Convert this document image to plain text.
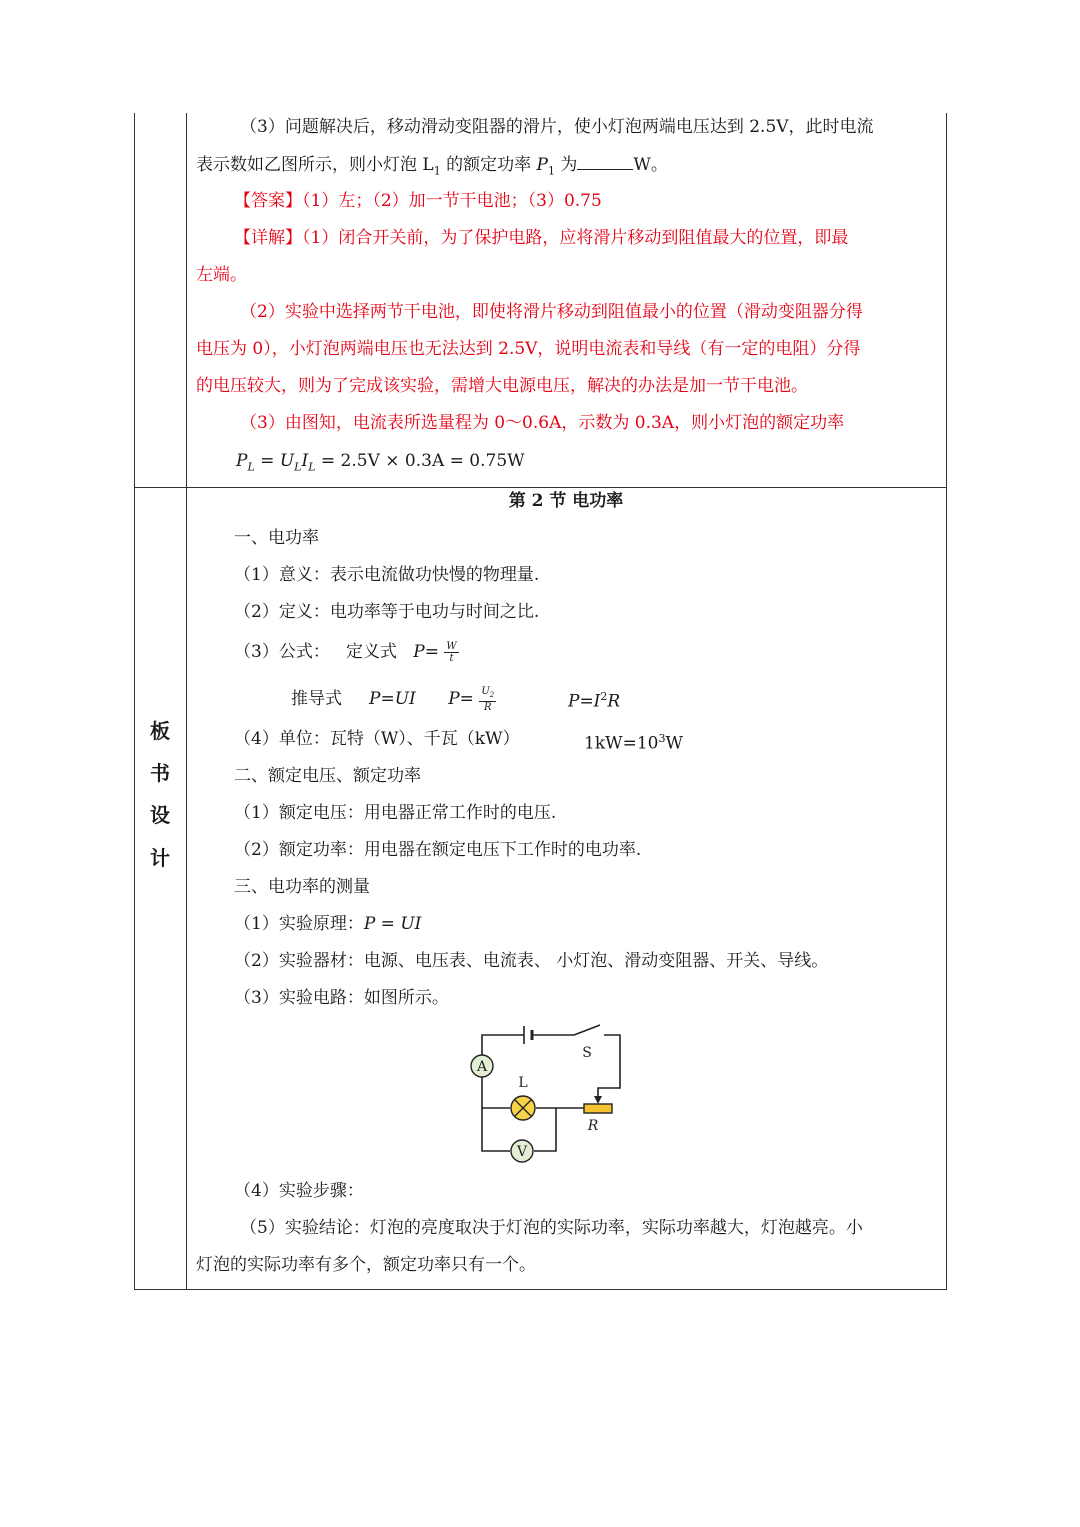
（3）问题解决后，移动滑动变阻器的滑片，使小灯泡两端电压达到 2.5V，此时电流
表示数如乙图所示，则小灯泡 $L_1$ 的额定功率 $P_1$ 为	W。
【答案】（1）左；（2）加一节干电池；（3）0.75
【详解】（1）闭合开关前，为了保护电路，应将滑片移动到阻值最大的位置，即最
左端。
（2）实验中选择两节干电池，即使将滑片移动到阻值最小的位置（滑动变阻器分得
电压为 0），小灯泡两端电压也无法达到 2.5V，说明电流表和导线（有一定的电阻）分得
的电压较大，则为了完成该实验，需增大电源电压，解决的办法是加一节干电池。
（3）由图知，电流表所选量程为 0～0.6A，示数为 0.3A，则小灯泡的额定功率
$P_L = U_LI_L = 2.5V \times 0.3A = 0.75W$
板
书
设
计
第 2 节 电功率
一、电功率
（1）意义：表示电流做功快慢的物理量.
（2）定义：电功率等于电功与时间之比.
（3）公式： 定义式 $P= \frac{W}{t}$
推导式 P=UI $P= \frac{U_2}{R}$	$P=I^2R$
（4）单位：瓦特（W）、千瓦（kW）	$1kW=10^3W$
二、额定电压、额定功率
（1）额定电压：用电器正常工作时的电压.
（2）额定功率：用电器在额定电压下工作时的电功率.
三、电功率的测量
（1）实验原理：P = UI
（2）实验器材：电源、电压表、电流表、 小灯泡、滑动变阻器、开关、导线。
（3）实验电路：如图所示。
A
V
L
S
R
（4）实验步骤：
（5）实验结论：灯泡的亮度取决于灯泡的实际功率，实际功率越大，灯泡越亮。小
灯泡的实际功率有多个，额定功率只有一个。
